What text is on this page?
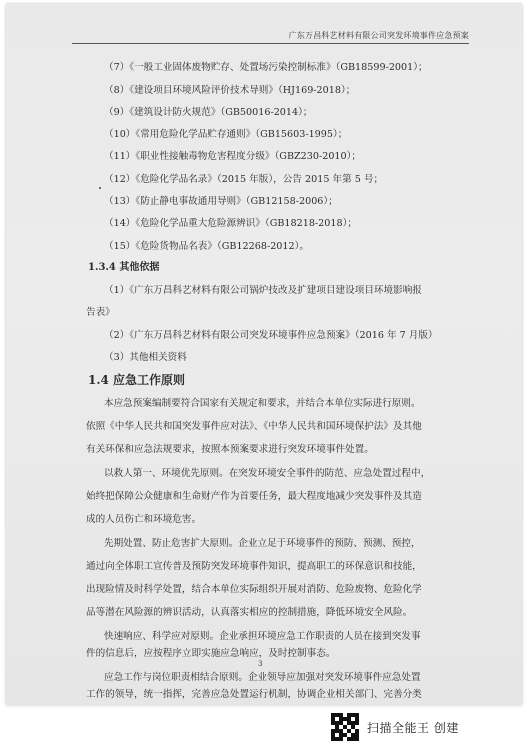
广东万昌科艺材料有限公司突发环境事件应急预案
（7）《一般工业固体废物贮存、处置场污染控制标准》（GB18599-2001）；
（8）《建设项目环境风险评价技术导则》（HJ169-2018）；
（9）《建筑设计防火规范》（GB50016-2014）；
（10）《常用危险化学品贮存通则》（GB15603-1995）；
（11）《职业性接触毒物危害程度分级》（GBZ230-2010）；
（12）《危险化学品名录》（2015 年版），公告 2015 年第 5 号；
（13）《防止静电事故通用导则》（GB12158-2006）；
（14）《危险化学品重大危险源辨识》（GB18218-2018）；
（15）《危险货物品名表》（GB12268-2012）。
1.3.4 其他依据
（1）《广东万昌科艺材料有限公司锅炉技改及扩建项目建设项目环境影响报
告表》
（2）《广东万昌科艺材料有限公司突发环境事件应急预案》（2016 年 7 月版）
（3）其他相关资料
1.4 应急工作原则
本应急预案编制要符合国家有关规定和要求，并结合本单位实际进行原则。
依照《中华人民共和国突发事件应对法》、《中华人民共和国环境保护法》及其他
有关环保和应急法规要求，按照本预案要求进行突发环境事件处置。
以救人第一、环境优先原则。在突发环境安全事件的防范、应急处置过程中，
始终把保障公众健康和生命财产作为首要任务，最大程度地减少突发事件及其造
成的人员伤亡和环境危害。
先期处置、防止危害扩大原则。企业立足于环境事件的预防、预测、预控，
通过向全体职工宣传普及预防突发环境事件知识，提高职工的环保意识和技能，
出现险情及时科学处置，结合本单位实际组织开展对消防、危险废物、危险化学
品等潜在风险源的辨识活动，认真落实相应的控制措施，降低环境安全风险。
快速响应、科学应对原则。企业承担环境应急工作职责的人员在接到突发事
件的信息后，应按程序立即实施应急响应，及时控制事态。
应急工作与岗位职责相结合原则。企业领导应加强对突发环境事件应急处置
工作的领导，统一指挥，完善应急处置运行机制，协调企业相关部门、完善分类
3
扫描全能王 创建
